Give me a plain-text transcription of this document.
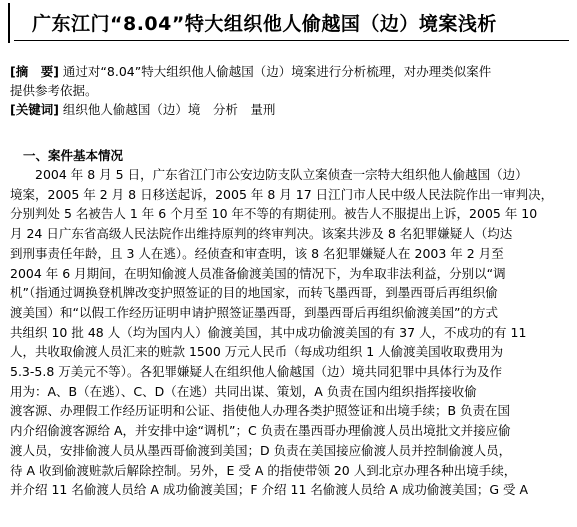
广东江门“8.04”特大组织他人偷越国（边）境案浅析
[摘　要] 通过对“8.04”特大组织他人偷越国（边）境案进行分析梳理，对办理类似案件
提供参考依据。
[关键词] 组织他人偷越国（边）境　分析　量刑
一、案件基本情况
　　2004 年 8 月 5 日，广东省江门市公安边防支队立案侦查一宗特大组织他人偷越国（边）
境案，2005 年 2 月 8 日移送起诉，2005 年 8 月 17 日江门市人民中级人民法院作出一审判决，
分别判处 5 名被告人 1 年 6 个月至 10 年不等的有期徒刑。被告人不服提出上诉，2005 年 10
月 24 日广东省高级人民法院作出维持原判的终审判决。该案共涉及 8 名犯罪嫌疑人（均达
到刑事责任年龄，且 3 人在逃）。经侦查和审查明，该 8 名犯罪嫌疑人在 2003 年 2 月至
2004 年 6 月期间，在明知偷渡人员准备偷渡美国的情况下，为牟取非法利益，分别以“调
机”（指通过调换登机牌改变护照签证的目的地国家，而转飞墨西哥，到墨西哥后再组织偷
渡美国）和“以假工作经历证明申请护照签证墨西哥，到墨西哥后再组织偷渡美国”的方式
共组织 10 批 48 人（均为国内人）偷渡美国，其中成功偷渡美国的有 37 人，不成功的有 11
人，共收取偷渡人员汇来的赃款 1500 万元人民币（每成功组织 1 人偷渡美国收取费用为
5.3-5.8 万美元不等）。各犯罪嫌疑人在组织他人偷越国（边）境共同犯罪中具体行为及作
用为：A、B（在逃）、C、D（在逃）共同出谋、策划，A 负责在国内组织指挥接收偷
渡客源、办理假工作经历证明和公证、指使他人办理各类护照签证和出境手续；B 负责在国
内介绍偷渡客源给 A，并安排中途“调机”；C 负责在墨西哥办理偷渡人员出境批文并接应偷
渡人员，安排偷渡人员从墨西哥偷渡到美国；D 负责在美国接应偷渡人员并控制偷渡人员，
待 A 收到偷渡赃款后解除控制。另外，E 受 A 的指使带领 20 人到北京办理各种出境手续，
并介绍 11 名偷渡人员给 A 成功偷渡美国；F 介绍 11 名偷渡人员给 A 成功偷渡美国；G 受 A
